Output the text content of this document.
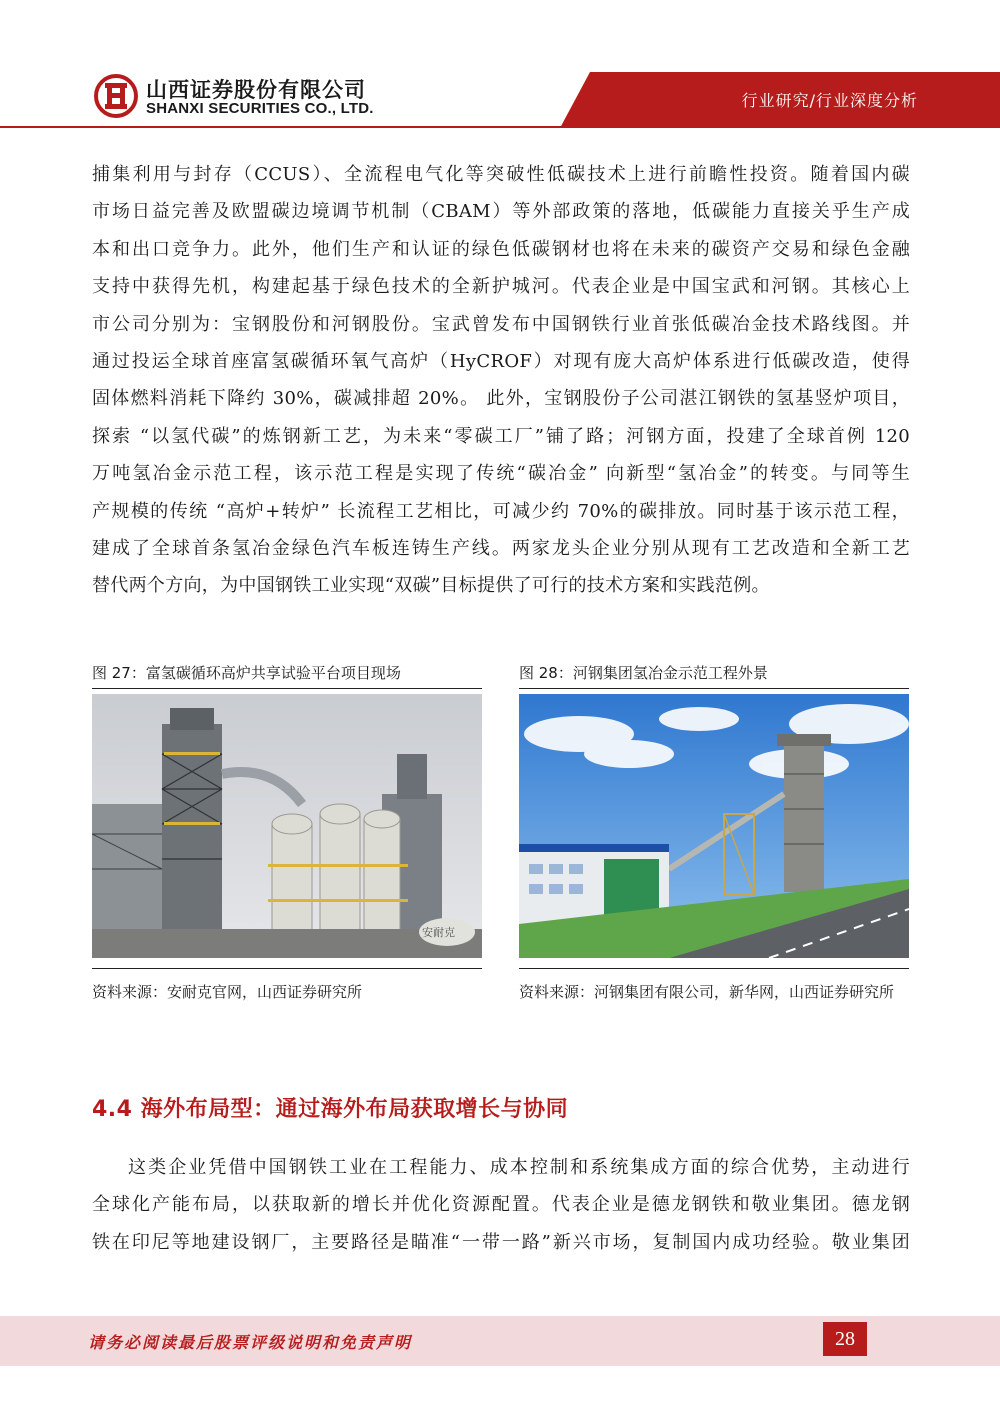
山西证券股份有限公司
SHANXI SECURITIES CO., LTD.	行业研究/行业深度分析
捕集利用与封存（CCUS）、全流程电气化等突破性低碳技术上进行前瞻性投资。随着国内碳
市场日益完善及欧盟碳边境调节机制（CBAM）等外部政策的落地，低碳能力直接关乎生产成
本和出口竞争力。此外，他们生产和认证的绿色低碳钢材也将在未来的碳资产交易和绿色金融
支持中获得先机，构建起基于绿色技术的全新护城河。代表企业是中国宝武和河钢。其核心上
市公司分别为：宝钢股份和河钢股份。宝武曾发布中国钢铁行业首张低碳冶金技术路线图。并
通过投运全球首座富氢碳循环氧气高炉（HyCROF）对现有庞大高炉体系进行低碳改造，使得
固体燃料消耗下降约 30%，碳减排超 20%。 此外，宝钢股份子公司湛江钢铁的氢基竖炉项目，
探索 “以氢代碳”的炼钢新工艺，为未来“零碳工厂”铺了路；河钢方面，投建了全球首例 120
万吨氢冶金示范工程，该示范工程是实现了传统“碳冶金” 向新型“氢冶金”的转变。与同等生
产规模的传统 “高炉+转炉” 长流程工艺相比，可减少约 70%的碳排放。同时基于该示范工程，
建成了全球首条氢冶金绿色汽车板连铸生产线。两家龙头企业分别从现有工艺改造和全新工艺
替代两个方向，为中国钢铁工业实现“双碳”目标提供了可行的技术方案和实践范例。
图 27：富氢碳循环高炉共享试验平台项目现场	图 28：河钢集团氢冶金示范工程外景
安耐克
资料来源：安耐克官网，山西证券研究所	资料来源：河钢集团有限公司，新华网，山西证券研究所
4.4 海外布局型：通过海外布局获取增长与协同
这类企业凭借中国钢铁工业在工程能力、成本控制和系统集成方面的综合优势，主动进行
全球化产能布局，以获取新的增长并优化资源配置。代表企业是德龙钢铁和敬业集团。德龙钢
铁在印尼等地建设钢厂，主要路径是瞄准“一带一路”新兴市场，复制国内成功经验。敬业集团
请务必阅读最后股票评级说明和免责声明	28
